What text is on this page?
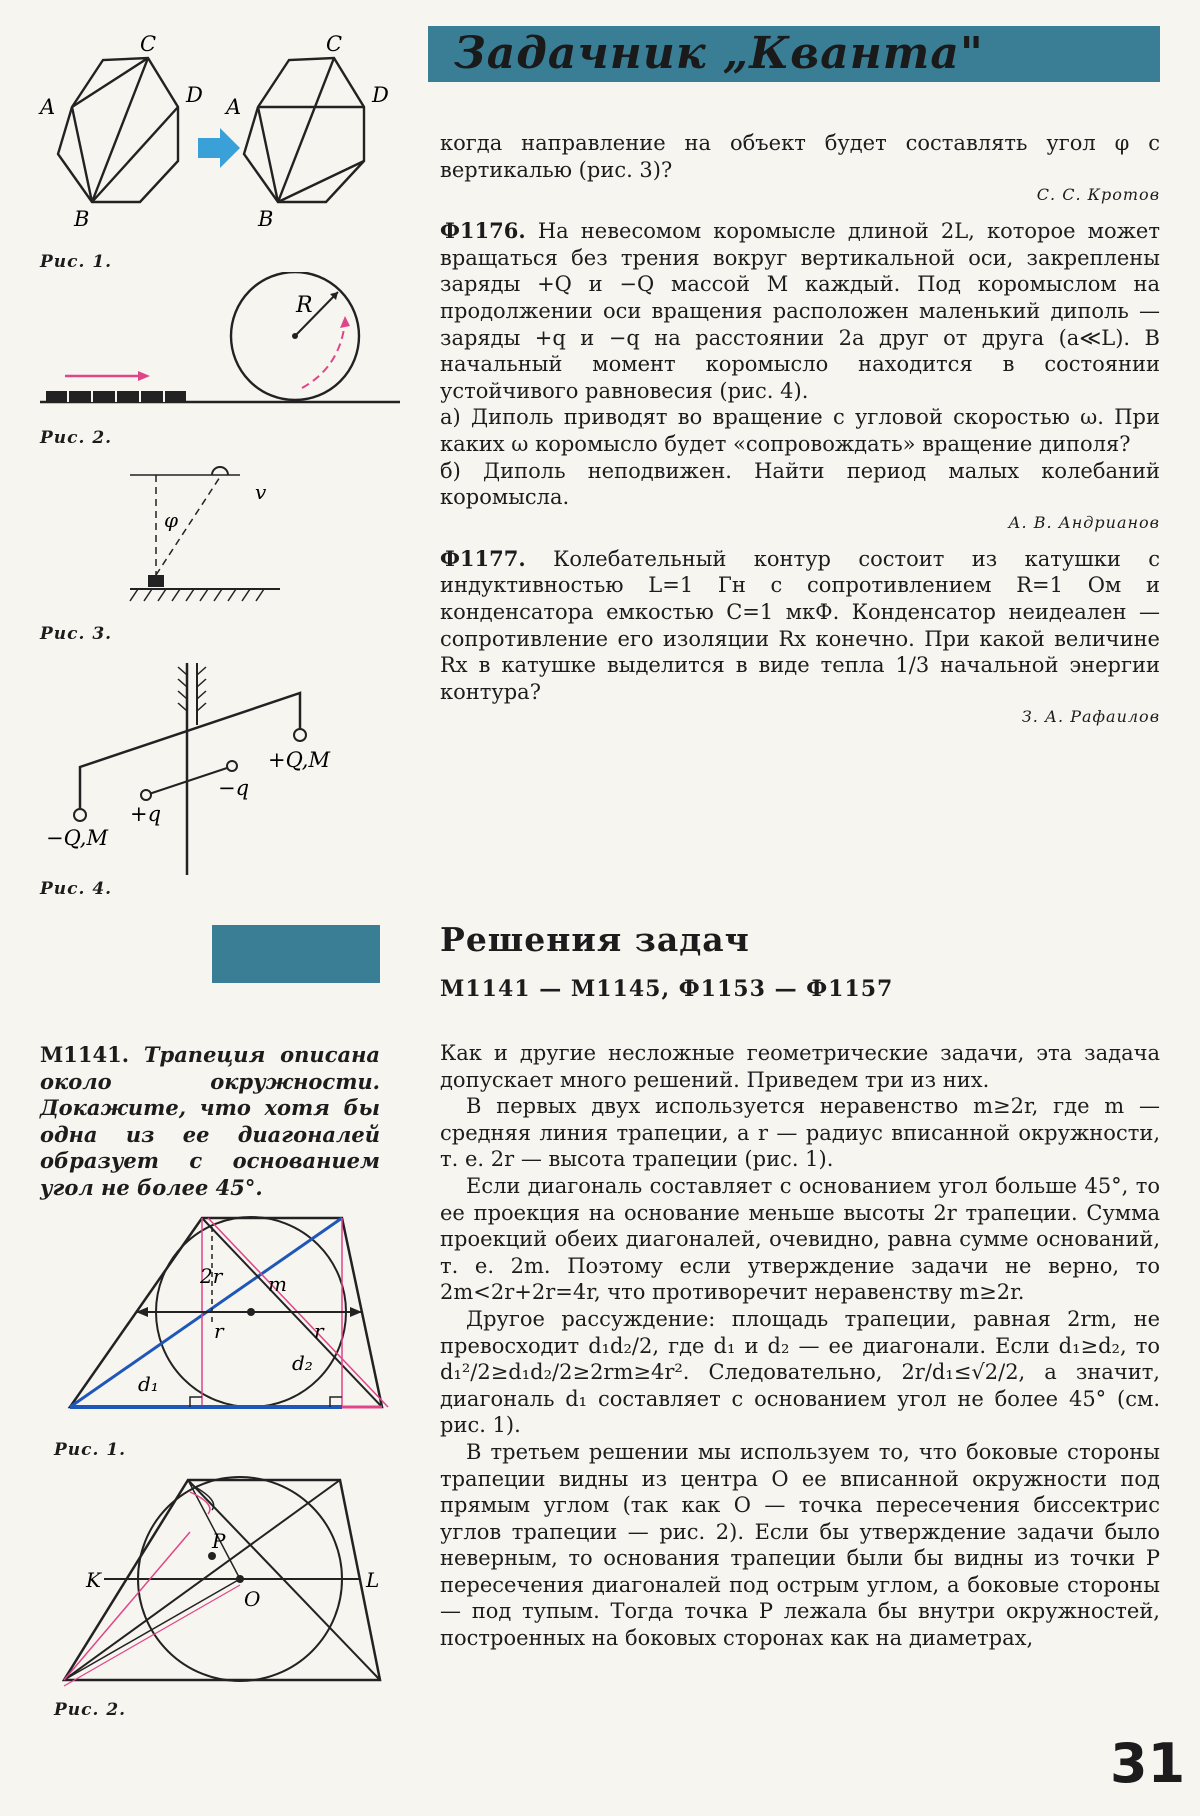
Задачник „Кванта"
A
B
C
D A
B
C
D
Рис. 1.
R
Рис. 2.
φ
v
Рис. 3.
+Q,M
−q
+q
−Q,M
Рис. 4.

когда направление на объект будет составлять угол φ с вертикалью (рис. 3)?

С. С. Кротов

Ф1176. На невесомом коромысле длиной 2L, которое может вращаться без трения вокруг вертикальной оси, закреплены заряды +Q и −Q массой M каждый. Под коромыслом на продолжении оси вращения расположен маленький диполь — заряды +q и −q на расстоянии 2a друг от друга (a≪L). В начальный момент коромысло находится в состоянии устойчивого равновесия (рис. 4).

а) Диполь приводят во вращение с угловой скоростью ω. При каких ω коромысло будет «сопровождать» вращение диполя?

б) Диполь неподвижен. Найти период малых колебаний коромысла.

А. В. Андрианов

Ф1177. Колебательный контур состоит из катушки с индуктивностью L=1 Гн с сопротивлением R=1 Ом и конденсатора емкостью C=1 мкФ. Конденсатор неидеален — сопротивление его изоляции Rx конечно. При какой величине Rx в катушке выделится в виде тепла 1/3 начальной энергии контура?

З. А. Рафаилов

Решения задач
М1141 — М1145, Ф1153 — Ф1157
М1141. Трапеция описана около окружности. Докажите, что хотя бы одна из ее диагоналей образует с основанием угол не более 45°.
2r m
r	r
d₁
d₂
Рис. 1.
P
K	L
O
Рис. 2.

Как и другие несложные геометрические задачи, эта задача допускает много решений. Приведем три из них.

В первых двух используется неравенство m≥2r, где m — средняя линия трапеции, а r — радиус вписанной окружности, т. е. 2r — высота трапеции (рис. 1).

Если диагональ составляет с основанием угол больше 45°, то ее проекция на основание меньше высоты 2r трапеции. Сумма проекций обеих диагоналей, очевидно, равна сумме оснований, т. е. 2m. Поэтому если утверждение задачи не верно, то 2m<2r+2r=4r, что противоречит неравенству m≥2r.

Другое рассуждение: площадь трапеции, равная 2rm, не превосходит d₁d₂/2, где d₁ и d₂ — ее диагонали. Если d₁≥d₂, то d₁²/2≥d₁d₂/2≥2rm≥4r². Следовательно, 2r/d₁≤√2/2, а значит, диагональ d₁ составляет с основанием угол не более 45° (см. рис. 1).

В третьем решении мы используем то, что боковые стороны трапеции видны из центра O ее вписанной окружности под прямым углом (так как O — точка пересечения биссектрис углов трапеции — рис. 2). Если бы утверждение задачи было неверным, то основания трапеции были бы видны из точки P пересечения диагоналей под острым углом, а боковые стороны — под тупым. Тогда точка P лежала бы внутри окружностей, построенных на боковых сторонах как на диаметрах,

31
